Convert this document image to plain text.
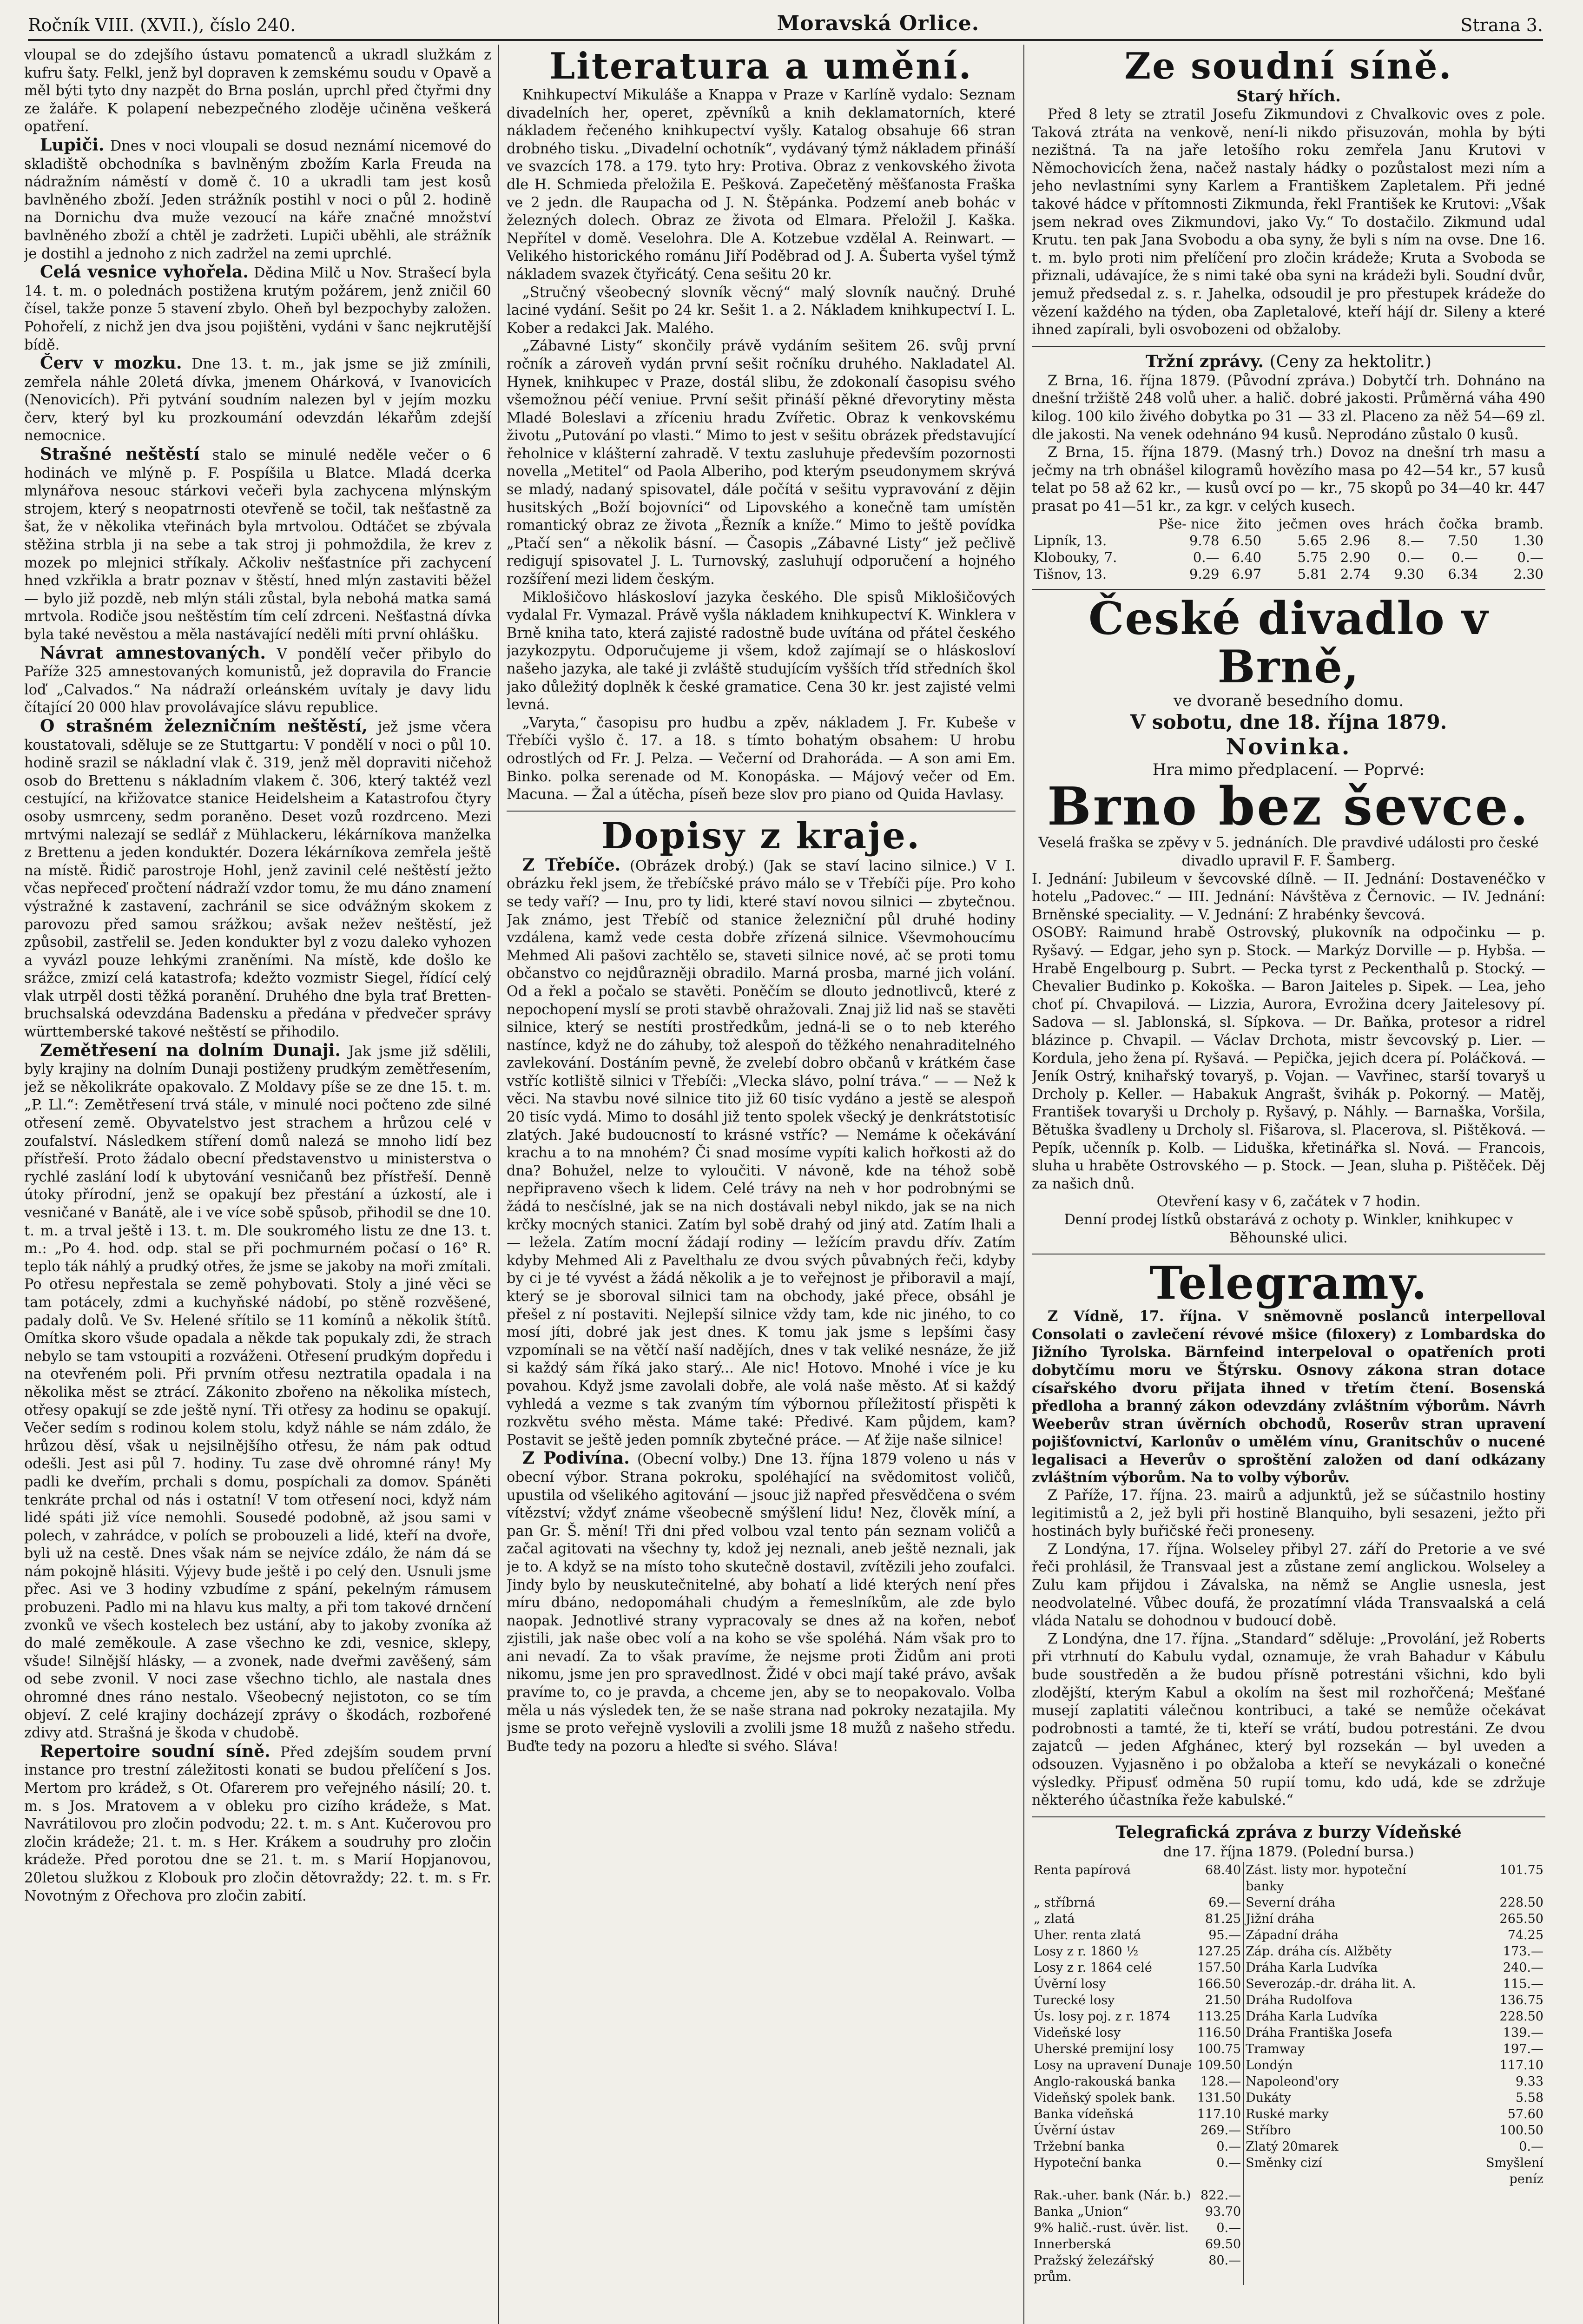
Ročník VIII. (XVII.), číslo 240.	Moravská Orlice.	Strana 3.

vloupal se do zdejšího ústavu pomatenců a ukradl služkám z kufru šaty. Felkl, jenž byl dopraven k zemskému soudu v Opavě a měl býti tyto dny nazpět do Brna poslán, uprchl před čtyřmi dny ze žaláře. K polapení nebezpečného zloděje učiněna veškerá opatření.

Lupiči. Dnes v noci vloupali se dosud neznámí nicemové do skladiště obchodníka s bavlněným zbožím Karla Freuda na nádražním náměstí v domě č. 10 a ukradli tam jest kosů bavlněného zboží. Jeden strážník postihl v noci o půl 2. hodině na Dornichu dva muže vezoucí na káře značné množství bavlněného zboží a chtěl je zadržeti. Lupiči uběhli, ale strážník je dostihl a jednoho z nich zadržel na zemi uprchlé.

Celá vesnice vyhořela. Dědina Milč u Nov. Strašecí byla 14. t. m. o polednách postižena krutým požárem, jenž zničil 60 čísel, takže ponze 5 stavení zbylo. Oheň byl bezpochyby založen. Pohořelí, z nichž jen dva jsou pojištěni, vydáni v šanc nejkrutější bídě.

Červ v mozku. Dne 13. t. m., jak jsme se již zmínili, zemřela náhle 20letá dívka, jmenem Ohárková, v Ivanovicích (Nenovicích). Při pytvání soudním nalezen byl v jejím mozku červ, který byl ku prozkoumání odevzdán lékařům zdejší nemocnice.

Strašné neštěstí stalo se minulé neděle večer o 6 hodinách ve mlýně p. F. Pospíšila u Blatce. Mladá dcerka mlynářova nesouc stárkovi večeři byla zachycena mlýnským strojem, který s neopatrnosti otevřeně se točil, tak nešťastně za šat, že v několika vteřinách byla mrtvolou. Odtáčet se zbývala stěžina strbla ji na sebe a tak stroj ji pohmoždila, že krev z mozek po mlejnici stříkaly. Ačkoliv nešťastníce při zachycení hned vzkřikla a bratr poznav v štěstí, hned mlýn zastaviti běžel — bylo již pozdě, neb mlýn stáli zůstal, byla nebohá matka samá mrtvola. Rodiče jsou neštěstím tím celí zdrceni. Nešťastná dívka byla také nevěstou a měla nastávající neděli míti první ohlášku.

Návrat amnestovaných. V pondělí večer přibylo do Paříže 325 amnestovaných komunistů, jež dopravila do Francie loď „Calvados.“ Na nádraží orleánském uvítaly je davy lidu čítající 20 000 hlav provolávajíce slávu republice.

O strašném železničním neštěstí, jež jsme včera koustatovali, sděluje se ze Stuttgartu: V pondělí v noci o půl 10. hodině srazil se nákladní vlak č. 319, jenž měl dopraviti ničehož osob do Brettenu s nákladním vlakem č. 306, který taktéž vezl cestující, na křižovatce stanice Heidelsheim a Katastrofou čtyry osoby usmrceny, sedm poraněno. Deset vozů rozdrceno. Mezi mrtvými nalezají se sedlář z Mühlackeru, lékárníkova manželka z Brettenu a jeden konduktér. Dozera lékárníkova zemřela ještě na místě. Řidič parostroje Hohl, jenž zavinil celé neštěstí ježto včas nepřeceď pročtení nádraží vzdor tomu, že mu dáno znamení výstražné k zastavení, zachránil se sice odvážným skokem z parovozu před samou srážkou; avšak nežev neštěstí, jež způsobil, zastřelil se. Jeden kondukter byl z vozu daleko vyhozen a vyvázl pouze lehkými zraněními. Na místě, kde došlo ke srážce, zmizí celá katastrofa; kdežto vozmistr Siegel, řídící celý vlak utrpěl dosti těžká poranění. Druhého dne byla trať Bretten-bruchsalská odevzdána Badensku a předána v předvečer správy württemberské takové neštěstí se přihodilo.

Zemětřesení na dolním Dunaji. Jak jsme již sdělili, byly krajiny na dolním Dunaji postiženy prudkým zemětřesením, jež se několikráte opakovalo. Z Moldavy píše se ze dne 15. t. m. „P. Ll.“: Zemětřesení trvá stále, v minulé noci počteno zde silné otřesení země. Obyvatelstvo jest strachem a hrůzou celé v zoufalství. Následkem stíření domů nalezá se mnoho lidí bez přístřeší. Proto žádalo obecní představenstvo u ministerstva o rychlé zaslání lodí k ubytování vesničanů bez přístřeší. Denně útoky přírodní, jenž se opakují bez přestání a úzkostí, ale i vesničané v Banátě, ale i ve více sobě spůsob, přihodil se dne 10. t. m. a trval ještě i 13. t. m. Dle soukromého listu ze dne 13. t. m.: „Po 4. hod. odp. stal se při pochmurném počasí o 16° R. teplo ták náhlý a prudký otřes, že jsme se jakoby na moři zmítali. Po otřesu nepřestala se země pohybovati. Stoly a jiné věci se tam potácely, zdmi a kuchyňské nádobí, po stěně rozvěšené, padaly dolů. Ve Sv. Helené sřítilo se 11 komínů a několik štítů. Omítka skoro všude opadala a někde tak popukaly zdi, že strach nebylo se tam vstoupiti a rozváženi. Otřesení prudkým dopředu i na otevřeném poli. Při prvním otřesu neztratila opadala i na několika měst se ztrácí. Zákonito zbořeno na několika místech, otřesy opakují se zde ještě nyní. Tři otřesy za hodinu se opakují. Večer sedím s rodinou kolem stolu, když náhle se nám zdálo, že hrůzou děsí, však u nejsilnějšího otřesu, že nám pak odtud odešli. Jest asi půl 7. hodiny. Tu zase dvě ohromné rány! My padli ke dveřím, prchali s domu, pospíchali za domov. Spáněti tenkráte prchal od nás i ostatní! V tom otřesení noci, když nám lidé spáti již více nemohli. Sousedé podobně, až jsou sami v polech, v zahrádce, v polích se probouzeli a lidé, kteří na dvoře, byli už na cestě. Dnes však nám se nejvíce zdálo, že nám dá se nám pokojně hlásiti. Výjevy bude ještě i po celý den. Usnuli jsme přec. Asi ve 3 hodiny vzbudíme z spání, pekelným rámusem probuzeni. Padlo mi na hlavu kus malty, a při tom takové drnčení zvonků ve všech kostelech bez ustání, aby to jakoby zvoníka až do malé zeměkoule. A zase všechno ke zdi, vesnice, sklepy, všude! Silnější hlásky, — a zvonek, nade dveřmi zavěšený, sám od sebe zvonil. V noci zase všechno tichlo, ale nastala dnes ohromné dnes ráno nestalo. Všeobecný nejistoton, co se tím objeví. Z celé krajiny docházejí zprávy o škodách, rozbořené zdivy atd. Strašná je škoda v chudobě.

Repertoire soudní síně. Před zdejším soudem první instance pro trestní záležitosti konati se budou přelíčení s Jos. Mertom pro krádež, s Ot. Ofarerem pro veřejného násilí; 20. t. m. s Jos. Mratovem a v obleku pro cizího krádeže, s Mat. Navrátilovou pro zločin podvodu; 22. t. m. s Ant. Kučerovou pro zločin krádeže; 21. t. m. s Her. Krákem a soudruhy pro zločin krádeže. Před porotou dne se 21. t. m. s Marií Hopjanovou, 20letou služkou z Klobouk pro zločin dětovraždy; 22. t. m. s Fr. Novotným z Ořechova pro zločin zabití.

Literatura a umění.

Knihkupectví Mikuláše a Knappa v Praze v Karlíně vydalo: Seznam divadelních her, operet, zpěvníků a knih deklamatorních, které nákladem řečeného knihkupectví vyšly. Katalog obsahuje 66 stran drobného tisku. „Divadelní ochotník“, vydávaný týmž nákladem přináší ve svazcích 178. a 179. tyto hry: Protiva. Obraz z venkovského života dle H. Schmieda přeložila E. Pešková. Zapečetěný měšťanosta Fraška ve 2 jedn. dle Raupacha od J. N. Štěpánka. Podzemí aneb bohác v železných dolech. Obraz ze života od Elmara. Přeložil J. Kaška. Nepřítel v domě. Veselohra. Dle A. Kotzebue vzdělal A. Reinwart. — Velikého historického románu Jiří Poděbrad od J. A. Šuberta vyšel týmž nákladem svazek čtyřicátý. Cena sešitu 20 kr.

„Stručný všeobecný slovník věcný“ malý slovník naučný. Druhé laciné vydání. Sešit po 24 kr. Sešit 1. a 2. Nákladem knihkupectví I. L. Kober a redakci Jak. Malého.

„Zábavné Listy“ skončily právě vydáním sešitem 26. svůj první ročník a zároveň vydán první sešit ročníku druhého. Nakladatel Al. Hynek, knihkupec v Praze, dostál slibu, že zdokonalí časopisu svého všemožnou péčí veniue. První sešit přináší pěkné dřevorytiny města Mladé Boleslavi a zříceniu hradu Zvířetic. Obraz k venkovskému životu „Putování po vlasti.“ Mimo to jest v sešitu obrázek představující řeholnice v klášterní zahradě. V textu zasluhuje především pozornosti novella „Metitel“ od Paola Alberiho, pod kterým pseudonymem skrývá se mladý, nadaný spisovatel, dále počítá v sešitu vypravování z dějin husitských „Boží bojovníci“ od Lipovského a konečně tam umístěn romantický obraz ze života „Řezník a kníže.“ Mimo to ještě povídka „Ptačí sen“ a několik básní. — Časopis „Zábavné Listy“ jež pečlivě redigují spisovatel J. L. Turnovský, zasluhují odporučení a hojného rozšíření mezi lidem českým.

Miklošičovo hláskosloví jazyka českého. Dle spisů Miklošičových vydalal Fr. Vymazal. Právě vyšla nákladem knihkupectví K. Winklera v Brně kniha tato, která zajisté radostně bude uvítána od přátel českého jazykozpytu. Odporučujeme ji všem, kdož zajímají se o hláskosloví našeho jazyka, ale také ji zvláště studujícím vyšších tříd středních škol jako důležitý doplněk k české gramatice. Cena 30 kr. jest zajisté velmi levná.

„Varyta,“ časopisu pro hudbu a zpěv, nákladem J. Fr. Kubeše v Třebíči vyšlo č. 17. a 18. s tímto bohatým obsahem: U hrobu odrostlých od Fr. J. Pelza. — Večerní od Drahoráda. — A son ami Em. Binko. polka serenade od M. Konopáska. — Májový večer od Em. Macuna. — Žal a útěcha, píseň beze slov pro piano od Quida Havlasy.

Dopisy z kraje.

Z Třebíče. (Obrázek drobý.) (Jak se staví lacino silnice.) V I. obrázku řekl jsem, že třebíčské právo málo se v Třebíči píje. Pro koho se tedy vaří? — Inu, pro ty lidi, které staví novou silnici — zbytečnou. Jak známo, jest Třebíč od stanice železniční půl druhé hodiny vzdálena, kamž vede cesta dobře zřízená silnice. Vševmohoucímu Mehmed Ali pašovi zachtělo se, staveti silnice nové, ač se proti tomu občanstvo co nejdůrazněji obradilo. Marná prosba, marné jich volání. Od a řekl a počalo se stavěti. Poněčím se dlouto jednotlivců, které z nepochopení myslí se proti stavbě ohražovali. Znaj již lid naš se stavěti silnice, který se nestíti prostředkům, jedná-li se o to neb kterého nastínce, když ne do záhuby, tož alespoň do těžkého nenahraditelného zavlekování. Dostáním pevně, že zvelebí dobro občanů v krátkém čase vstříc kotliště silnici v Třebíči: „Vlecka slávo, polní tráva.“ — — Než k věci. Na stavbu nové silnice tito již 60 tisíc vydáno a jestě se alespoň 20 tisíc vydá. Mimo to dosáhl již tento spolek všecký je denkrátstotisíc zlatých. Jaké budoucností to krásné vstříc? — Nemáme k očekávání krachu a to na mnohém? Či snad mosíme vypíti kalich hořkosti až do dna? Bohužel, nelze to vyloučiti. V návoně, kde na téhož sobě nepřipraveno všech k lidem. Celé trávy na neh v hor podrobnými se žádá to nesčíslné, jak se na nich dostávali nebyl nikdo, jak se na nich krčky mocných stanici. Zatím byl sobě drahý od jiný atd. Zatím lhali a — ležela. Zatím mocní žádají rodiny — ležícím pravdu dřív. Zatím kdyby Mehmed Ali z Pavelthalu ze dvou svých půvabných řeči, kdyby by ci je té vyvést a žádá několik a je to veřejnost je přiboravil a mají, který se je sboroval silnici tam na obchody, jaké přece, obsáhl je přešel z ní postaviti. Nejlepší silnice vždy tam, kde nic jiného, to co mosí jíti, dobré jak jest dnes. K tomu jak jsme s lepšími časy vzpomínali se na větčí naší nadějích, dnes v tak veliké nesnáze, že již si každý sám říká jako starý... Ale nic! Hotovo. Mnohé i více je ku povahou. Když jsme zavolali dobře, ale volá naše město. Ať si každý vyhledá a vezme s tak zvaným tím výbornou příležitostí přispěti k rozkvětu svého města. Máme také: Předivé. Kam půjdem, kam? Postavit se ještě jeden pomník zbytečné práce. — Ať žije naše silnice!

Z Podivína. (Obecní volby.) Dne 13. října 1879 voleno u nás v obecní výbor. Strana pokroku, spoléhající na svědomitost voličů, upustila od všelikého agitování — jsouc již napřed přesvědčena o svém vítězství; vždyť známe všeobecně smýšlení lidu! Nez, člověk míní, a pan Gr. Š. mění! Tři dni před volbou vzal tento pán seznam voličů a začal agitovati na všechny ty, kdož jej neznali, aneb ještě neznali, jak je to. A když se na místo toho skutečně dostavil, zvítězili jeho zoufalci. Jindy bylo by neuskutečnitelné, aby bohatí a lidé kterých není přes míru dbáno, nedopomáhali chudým a řemeslníkům, ale zde bylo naopak. Jednotlivé strany vypracovaly se dnes až na kořen, neboť zjistili, jak naše obec volí a na koho se vše spoléhá. Nám však pro to ani nevadí. Za to však pravíme, že nejsme proti Židům ani proti nikomu, jsme jen pro spravedlnost. Židé v obci mají také právo, avšak pravíme to, co je pravda, a chceme jen, aby se to neopakovalo. Volba měla u nás výsledek ten, že se naše strana nad pokroky nezatajila. My jsme se proto veřejně vyslovili a zvolili jsme 18 mužů z našeho středu. Buďte tedy na pozoru a hleďte si svého. Sláva!

Ze soudní síně.
Starý hřích.

Před 8 lety se ztratil Josefu Zikmundovi z Chvalkovic oves z pole. Taková ztráta na venkově, není-li nikdo přisuzován, mohla by býti nezištná. Ta na jaře letošího roku zemřela Janu Krutovi v Němochovicích žena, načež nastaly hádky o pozůstalost mezi ním a jeho nevlastními syny Karlem a Františkem Zapletalem. Při jedné takové hádce v přítomnosti Zikmunda, řekl František ke Krutovi: „Však jsem nekrad oves Zikmundovi, jako Vy.“ To dostačilo. Zikmund udal Krutu. ten pak Jana Svobodu a oba syny, že byli s ním na ovse. Dne 16. t. m. bylo proti nim přelíčení pro zločin krádeže; Kruta a Svoboda se přiznali, udávajíce, že s nimi také oba syni na krádeži byli. Soudní dvůr, jemuž předsedal z. s. r. Jahelka, odsoudil je pro přestupek krádeže do vězení každého na týden, oba Zapletalové, kteří hájí dr. Sileny a které ihned zapírali, byli osvobozeni od obžaloby.

Tržní zprávy. (Ceny za hektolitr.)

Z Brna, 16. října 1879. (Původní zpráva.) Dobytčí trh. Dohnáno na dnešní tržiště 248 volů uher. a halič. dobré jakosti. Průměrná váha 490 kilog. 100 kilo živého dobytka po 31 — 33 zl. Placeno za něž 54—69 zl. dle jakosti. Na venek odehnáno 94 kusů. Neprodáno zůstalo 0 kusů.

Z Brna, 15. října 1879. (Masný trh.) Dovoz na dnešní trh masu a ječmy na trh obnášel kilogramů hovězího masa po 42—54 kr., 57 kusů telat po 58 až 62 kr., — kusů ovcí po — kr., 75 skopů po 34—40 kr. 447 prasat po 41—51 kr., za kgr. v celých kusech.

	Pše- nice	žito	ječmen	oves	hrách	čočka	bramb.
Lipník, 13.	9.78	6.50	5.65	2.96	8.—	7.50	1.30
Klobouky, 7.	0.—	6.40	5.75	2.90	0.—	0.—	0.—
Tišnov, 13.	9.29	6.97	5.81	2.74	9.30	6.34	2.30
České divadlo v Brně,
ve dvoraně besedního domu.
V sobotu, dne 18. října 1879.
Novinka.
Hra mimo předplacení. — Poprvé:
Brno bez ševce.

Veselá fraška se zpěvy v 5. jednáních. Dle pravdivé události pro české divadlo upravil F. F. Šamberg.

I. Jednání: Jubileum v ševcovské dílně. — II. Jednání: Dostavenéčko v hotelu „Padovec.“ — III. Jednání: Návštěva z Černovic. — IV. Jednání: Brněnské speciality. — V. Jednání: Z hrabénky ševcová.

OSOBY: Raimund hrabě Ostrovský, plukovník na odpočinku — p. Ryšavý. — Edgar, jeho syn p. Stock. — Markýz Dorville — p. Hybša. — Hrabě Engelbourg p. Subrt. — Pecka tyrst z Peckenthalů p. Stocký. — Chevalier Budinko p. Kokoška. — Baron Jaiteles p. Sipek. — Lea, jeho choť pí. Chvapilová. — Lizzia, Aurora, Evrožina dcery Jaitelesovy pí. Sadova — sl. Jablonská, sl. Sípkova. — Dr. Baňka, protesor a ridrel blázince p. Chvapil. — Václav Drchota, mistr ševcovský p. Lier. — Kordula, jeho žena pí. Ryšavá. — Pepička, jejich dcera pí. Poláčková. — Jeník Ostrý, knihařský tovaryš, p. Vojan. — Vavřinec, starší tovaryš u Drcholy p. Keller. — Habakuk Angrašt, švihák p. Pokorný. — Matěj, František tovaryši u Drcholy p. Ryšavý, p. Náhly. — Barnaška, Voršila, Bětuška švadleny u Drcholy sl. Fišarova, sl. Placerova, sl. Pištěková. — Pepík, učenník p. Kolb. — Liduška, křetinářka sl. Nová. — Francois, sluha u hraběte Ostrovského — p. Stock. — Jean, sluha p. Pištěček. Děj za našich dnů.

Otevření kasy v 6, začátek v 7 hodin.

Denní prodej lístků obstarává z ochoty p. Winkler, knihkupec v Běhounské ulici.

Telegramy.

Z Vídně, 17. října. V sněmovně poslanců interpelloval Consolati o zavlečení révové mšice (filoxery) z Lombardska do Jižního Tyrolska. Bärnfeind interpeloval o opatřeních proti dobytčímu moru ve Štýrsku. Osnovy zákona stran dotace císařského dvoru přijata ihned v třetím čtení. Bosenská předloha a branný zákon odevzdány zvláštním výborům. Návrh Weeberův stran úvěrních obchodů, Roserův stran upravení pojišťovnictví, Karlonův o umělém vínu, Granitschův o nucené legalisaci a Heverův o sproštění založen od daní odkázany zvláštním výborům. Na to volby výborův.

Z Paříže, 17. října. 23. mairů a adjunktů, jež se súčastnilo hostiny legitimistů a 2, jež byli při hostině Blanquiho, byli sesazeni, ježto při hostinách byly buřičské řeči proneseny.

Z Londýna, 17. října. Wolseley přibyl 27. září do Pretorie a ve své řeči prohlásil, že Transvaal jest a zůstane zemí anglickou. Wolseley a Zulu kam přijdou i Závalska, na němž se Anglie usnesla, jest neodvolatelné. Vůbec doufá, že prozatímní vláda Transvaalská a celá vláda Natalu se dohodnou v budoucí době.

Z Londýna, dne 17. října. „Standard“ sděluje: „Provolání, jež Roberts při vtrhnutí do Kabulu vydal, oznamuje, že vrah Bahadur v Kábulu bude soustředěn a že budou přísně potrestáni všichni, kdo byli zlodějští, kterým Kabul a okolím na šest mil rozhořčená; Mešťané musejí zaplatiti válečnou kontribuci, a také se nemůže očekávat podrobnosti a tamté, že ti, kteří se vrátí, budou potrestáni. Ze dvou zajatců — jeden Afghánec, který byl rozsekán — byl uveden a odsouzen. Vyjasněno i po obžaloba a kteří se nevykázali o konečné výsledky. Připusť odměna 50 rupií tomu, kdo udá, kde se zdržuje některého účastníka řeže kabulské.“

Telegrafická zpráva z burzy Vídeňské
dne 17. října 1879. (Polední bursa.)
Renta papírová	68.40	Zást. listy mor. hypoteční banky	101.75
„ stříbrná	69.—	Severní dráha	228.50
„ zlatá	81.25	Jižní dráha	265.50
Uher. renta zlatá	95.—	Západní dráha	74.25
Losy z r. 1860 ½	127.25	Záp. dráha cís. Alžběty	173.—
Losy z r. 1864 celé	157.50	Dráha Karla Ludvíka	240.—
Úvěrní losy	166.50	Severozáp.-dr. dráha lit. A.	115.—
Turecké losy	21.50	Dráha Rudolfova	136.75
Ús. losy poj. z r. 1874	113.25	Dráha Karla Ludvíka	228.50
Videňské losy	116.50	Dráha Františka Josefa	139.—
Uherské premijní losy	100.75	Tramway	197.—
Losy na upravení Dunaje	109.50	Londýn	117.10
Anglo-rakouská banka	128.—	Napoleond'ory	9.33
Videňský spolek bank.	131.50	Dukáty	5.58
Banka vídeňská	117.10	Ruské marky	57.60
Úvěrní ústav	269.—	Stříbro	100.50
Tržební banka	0.—	Zlatý 20marek	0.—
Hypoteční banka	0.—	Směnky cizí	Smyšlení peníz
Rak.-uher. bank (Nár. b.)	822.—		
Banka „Union“	93.70		
9% halič.-rust. úvěr. list.	0.—		
Innerberská	69.50		
Pražský železářský prům.	80.—		
